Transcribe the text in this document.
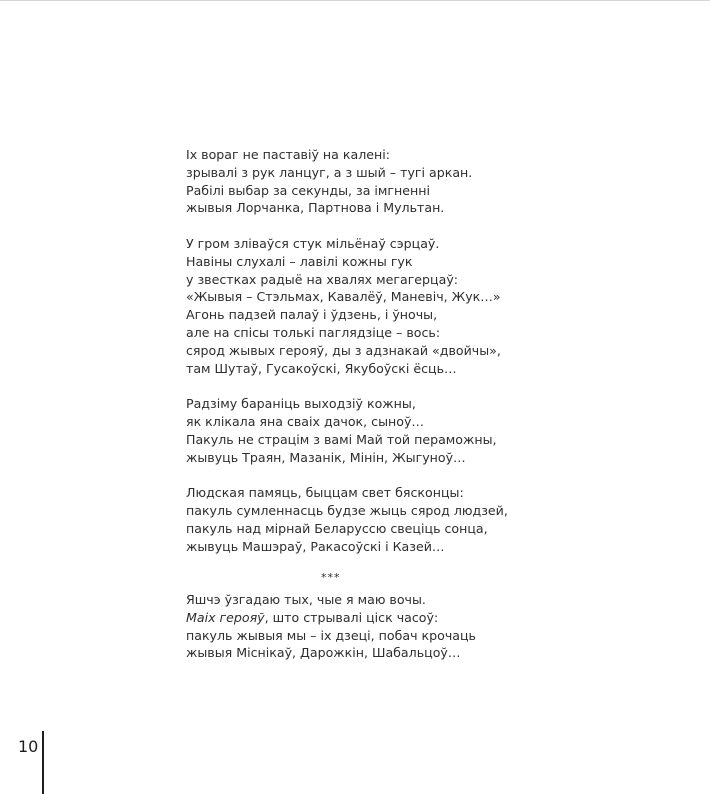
Іх вораг не паставіў на калені:
зрывалі з рук ланцуг, а з шый – тугі аркан.
Рабілі выбар за секунды, за імгненні
жывыя Лорчанка, Партнова і Мультан.
У гром зліваўся стук мільёнаў сэрцаў.
Навіны слухалі – лавілі кожны гук
у звестках радыё на хвалях мегагерцаў:
«Жывыя – Стэльмах, Кавалёў, Маневіч, Жук…»
Агонь падзей палаў і ўдзень, і ўночы,
але на спісы толькі паглядзіце – вось:
сярод жывых герояў, ды з адзнакай «двойчы»,
там Шутаў, Гусакоўскі, Якубоўскі ёсць…
Радзіму бараніць выходзіў кожны,
як клікала яна сваіх дачок, сыноў…
Пакуль не страцім з вамі Май той пераможны,
жывуць Траян, Мазанік, Мінін, Жыгуноў…
Людская памяць, быццам свет бясконцы:
пакуль сумленнасць будзе жыць сярод людзей,
пакуль над мірнай Беларуссю свеціць сонца,
жывуць Машэраў, Ракасоўскі і Казей…
***
Яшчэ ўзгадаю тых, чые я маю вочы.
Маіх герояў, што стрывалі ціск часоў:
пакуль жывыя мы – іх дзеці, побач крочаць
жывыя Міснікаў, Дарожкін, Шабальцоў…
10
